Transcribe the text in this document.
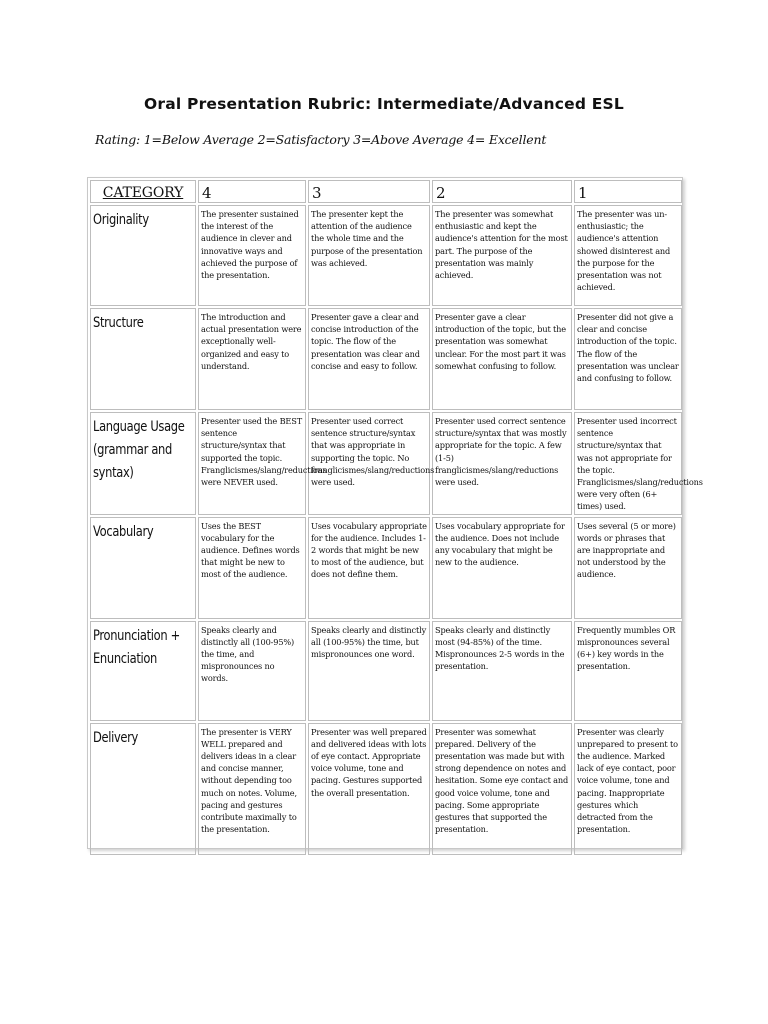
Oral Presentation Rubric: Intermediate/Advanced ESL
Rating: 1=Below Average 2=Satisfactory 3=Above Average 4= Excellent
CATEGORY	4	3	2	1
Originality	The presenter sustained the interest of the audience in clever and innovative ways and achieved the purpose of the presentation.	The presenter kept the attention of the audience the whole time and the purpose of the presentation was achieved.	The presenter was somewhat enthusiastic and kept the audience's attention for the most part. The purpose of the presentation was mainly achieved.	The presenter was un-enthusiastic; the audience's attention showed disinterest and the purpose for the presentation was not achieved.
Structure	The introduction and actual presentation were exceptionally well- organized and easy to understand.	Presenter gave a clear and concise introduction of the topic. The flow of the presentation was clear and concise and easy to follow.	Presenter gave a clear introduction of the topic, but the presentation was somewhat unclear. For the most part it was somewhat confusing to follow.	Presenter did not give a clear and concise introduction of the topic. The flow of the presentation was unclear and confusing to follow.
Language Usage
(grammar and
syntax)	Presenter used the BEST sentence structure/syntax that supported the topic. Franglicismes/slang/reductions were NEVER used.	Presenter used correct sentence structure/syntax that was appropriate in supporting the topic. No franglicismes/slang/reductions were used.	Presenter used correct sentence structure/syntax that was mostly appropriate for the topic. A few (1-5) franglicismes/slang/reductions were used.	Presenter used incorrect sentence structure/syntax that was not appropriate for the topic. Franglicismes/slang/reductions were very often (6+ times) used.
Vocabulary	Uses the BEST vocabulary for the audience. Defines words that might be new to most of the audience.	Uses vocabulary appropriate for the audience. Includes 1-2 words that might be new to most of the audience, but does not define them.	Uses vocabulary appropriate for the audience. Does not include any vocabulary that might be new to the audience.	Uses several (5 or more) words or phrases that are inappropriate and not understood by the audience.
Pronunciation +
Enunciation	Speaks clearly and distinctly all (100-95%) the time, and mispronounces no words.	Speaks clearly and distinctly all (100-95%) the time, but mispronounces one word.	Speaks clearly and distinctly most (94-85%) of the time. Mispronounces 2-5 words in the presentation.	Frequently mumbles OR mispronounces several (6+) key words in the presentation.
Delivery	The presenter is VERY WELL prepared and delivers ideas in a clear and concise manner, without depending too much on notes. Volume, pacing and gestures contribute maximally to the presentation.	Presenter was well prepared and delivered ideas with lots of eye contact. Appropriate voice volume, tone and pacing. Gestures supported the overall presentation.	Presenter was somewhat prepared. Delivery of the presentation was made but with strong dependence on notes and hesitation. Some eye contact and good voice volume, tone and pacing. Some appropriate gestures that supported the presentation.	Presenter was clearly unprepared to present to the audience. Marked lack of eye contact, poor voice volume, tone and pacing. Inappropriate gestures which detracted from the presentation.
